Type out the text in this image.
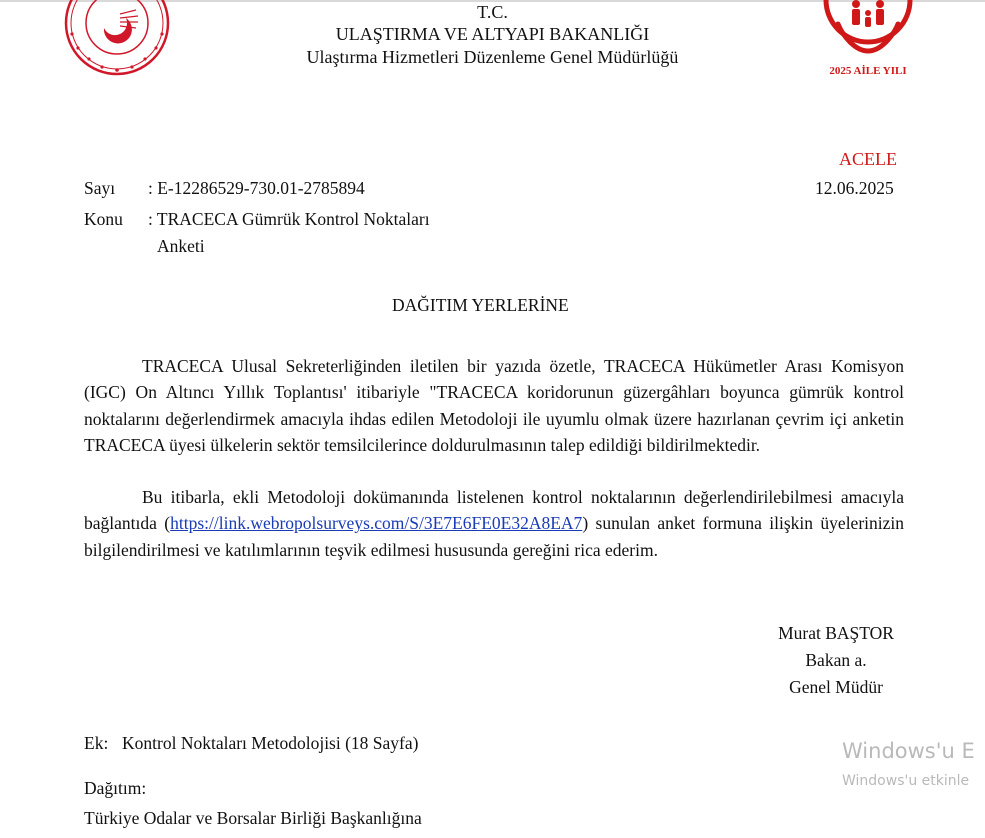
2025 AİLE YILI
T.C.
ULAŞTIRMA VE ALTYAPI BAKANLIĞI
Ulaştırma Hizmetleri Düzenleme Genel Müdürlüğü
ACELE
12.06.2025
Sayı : E-12286529-730.01-2785894
Konu : TRACECA Gümrük Kontrol Noktaları
Anketi
DAĞITIM YERLERİNE

TRACECA Ulusal Sekreterliğinden iletilen bir yazıda özetle, TRACECA Hükümetler Arası Komisyon (IGC) On Altıncı Yıllık Toplantısı' itibariyle "TRACECA koridorunun güzergâhları boyunca gümrük kontrol noktalarını değerlendirmek amacıyla ihdas edilen Metodoloji ile uyumlu olmak üzere hazırlanan çevrim içi anketin TRACECA üyesi ülkelerin sektör temsilcilerince doldurulmasının talep edildiği bildirilmektedir.

Bu itibarla, ekli Metodoloji dokümanında listelenen kontrol noktalarının değerlendirilebilmesi amacıyla bağlantıda (https://link.webropolsurveys.com/S/3E7E6FE0E32A8EA7) sunulan anket formuna ilişkin üyelerinizin bilgilendirilmesi ve katılımlarının teşvik edilmesi hususunda gereğini rica ederim.

Murat BAŞTOR
Bakan a.
Genel Müdür
Ek: Kontrol Noktaları Metodolojisi (18 Sayfa)
Dağıtım:
Türkiye Odalar ve Borsalar Birliği Başkanlığına
Windows'u E
Windows'u etkinle
